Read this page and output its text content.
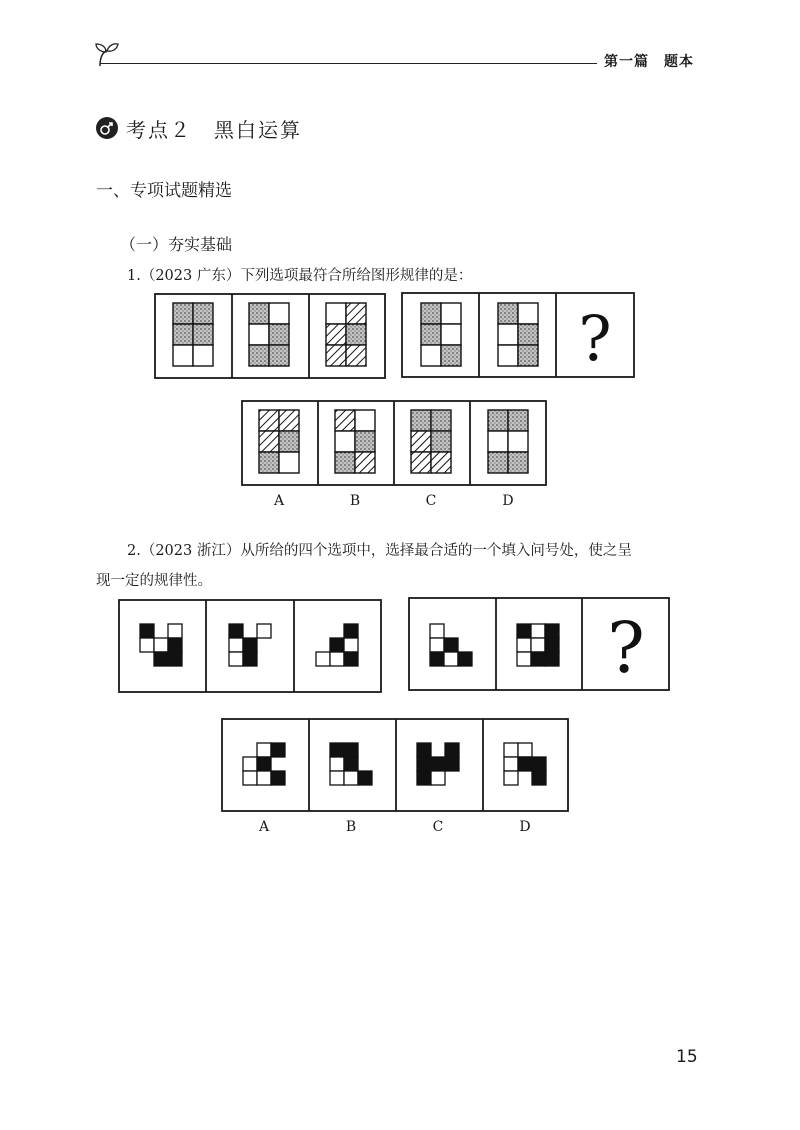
第一篇　题本
考点２　黑白运算
一、专项试题精选
（一）夯实基础
1.（2023 广东）下列选项最符合所给图形规律的是：
?
?
A	B	C	D
2.（2023 浙江）从所给的四个选项中，选择最合适的一个填入问号处，使之呈
现一定的规律性。
A	B	C	D
15
